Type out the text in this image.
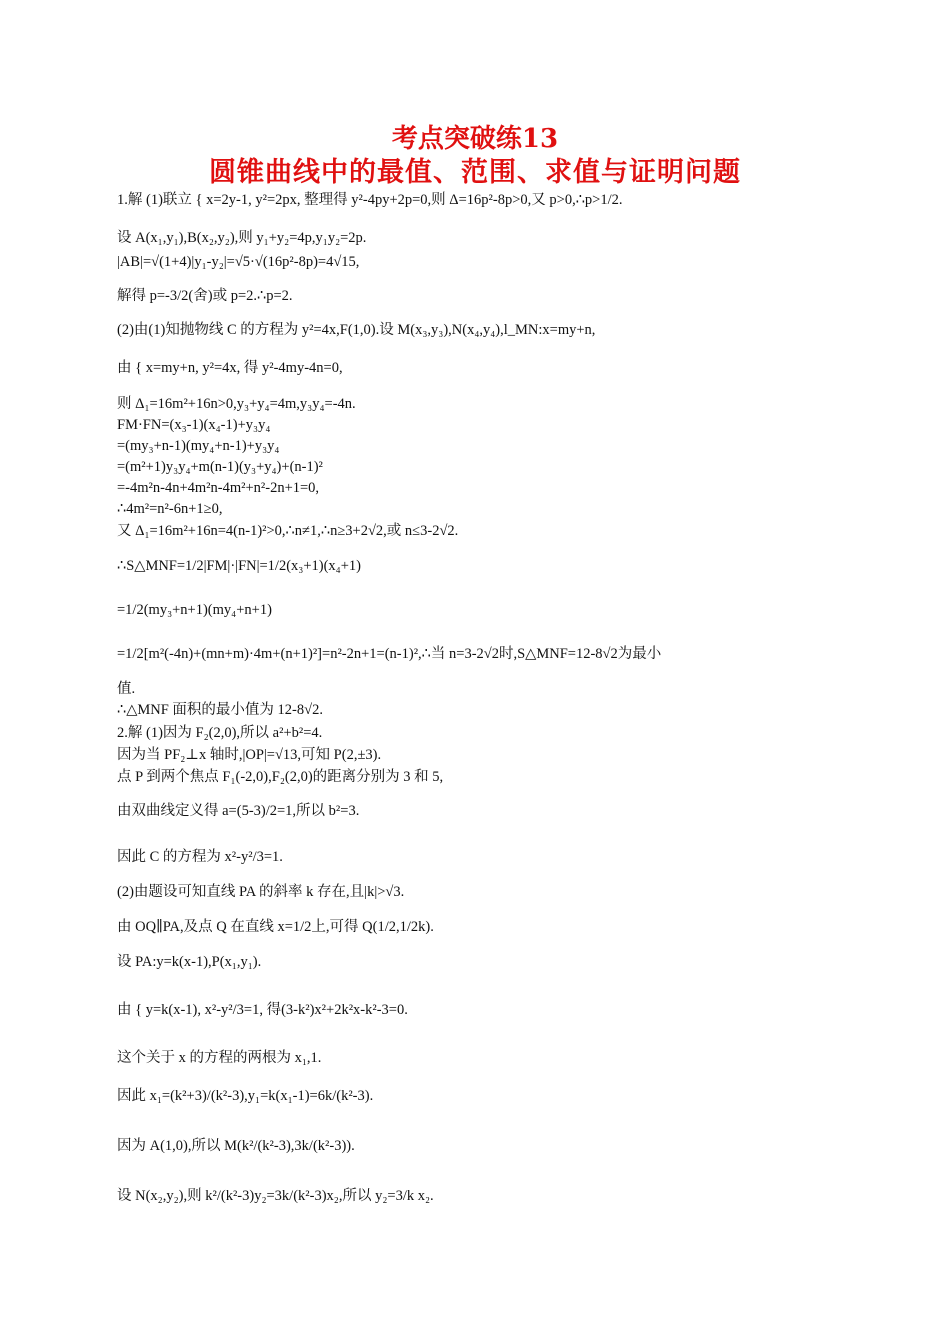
考点突破练13
圆锥曲线中的最值、范围、求值与证明问题
1.解 (1)联立 { x=2y-1, y²=2px, 整理得 y²-4py+2p=0,则 Δ=16p²-8p>0,又 p>0,∴p>1/2.
设 A(x₁,y₁),B(x₂,y₂),则 y₁+y₂=4p,y₁y₂=2p.
|AB|=√(1+4)|y₁-y₂|=√5·√(16p²-8p)=4√15,
解得 p=-3/2(舍)或 p=2.∴p=2.
(2)由(1)知抛物线 C 的方程为 y²=4x,F(1,0).设 M(x₃,y₃),N(x₄,y₄),l_MN:x=my+n,
由 { x=my+n, y²=4x, 得 y²-4my-4n=0,
则 Δ₁=16m²+16n>0,y₃+y₄=4m,y₃y₄=-4n.
FM·FN=(x₃-1)(x₄-1)+y₃y₄
=(my₃+n-1)(my₄+n-1)+y₃y₄
=(m²+1)y₃y₄+m(n-1)(y₃+y₄)+(n-1)²
=-4m²n-4n+4m²n-4m²+n²-2n+1=0,
∴4m²=n²-6n+1≥0,
又 Δ₁=16m²+16n=4(n-1)²>0,∴n≠1,∴n≥3+2√2,或 n≤3-2√2.
∴S△MNF=1/2|FM|·|FN|=1/2(x₃+1)(x₄+1)
=1/2(my₃+n+1)(my₄+n+1)
=1/2[m²(-4n)+(mn+m)·4m+(n+1)²]=n²-2n+1=(n-1)²,∴当 n=3-2√2时,S△MNF=12-8√2为最小
值.
∴△MNF 面积的最小值为 12-8√2.
2.解 (1)因为 F₂(2,0),所以 a²+b²=4.
因为当 PF₂⊥x 轴时,|OP|=√13,可知 P(2,±3).
点 P 到两个焦点 F₁(-2,0),F₂(2,0)的距离分别为 3 和 5,
由双曲线定义得 a=(5-3)/2=1,所以 b²=3.
因此 C 的方程为 x²-y²/3=1.
(2)由题设可知直线 PA 的斜率 k 存在,且|k|>√3.
由 OQ∥PA,及点 Q 在直线 x=1/2上,可得 Q(1/2,1/2k).
设 PA:y=k(x-1),P(x₁,y₁).
由 { y=k(x-1), x²-y²/3=1, 得(3-k²)x²+2k²x-k²-3=0.
这个关于 x 的方程的两根为 x₁,1.
因此 x₁=(k²+3)/(k²-3),y₁=k(x₁-1)=6k/(k²-3).
因为 A(1,0),所以 M(k²/(k²-3),3k/(k²-3)).
设 N(x₂,y₂),则 k²/(k²-3)y₂=3k/(k²-3)x₂,所以 y₂=3/k x₂.
